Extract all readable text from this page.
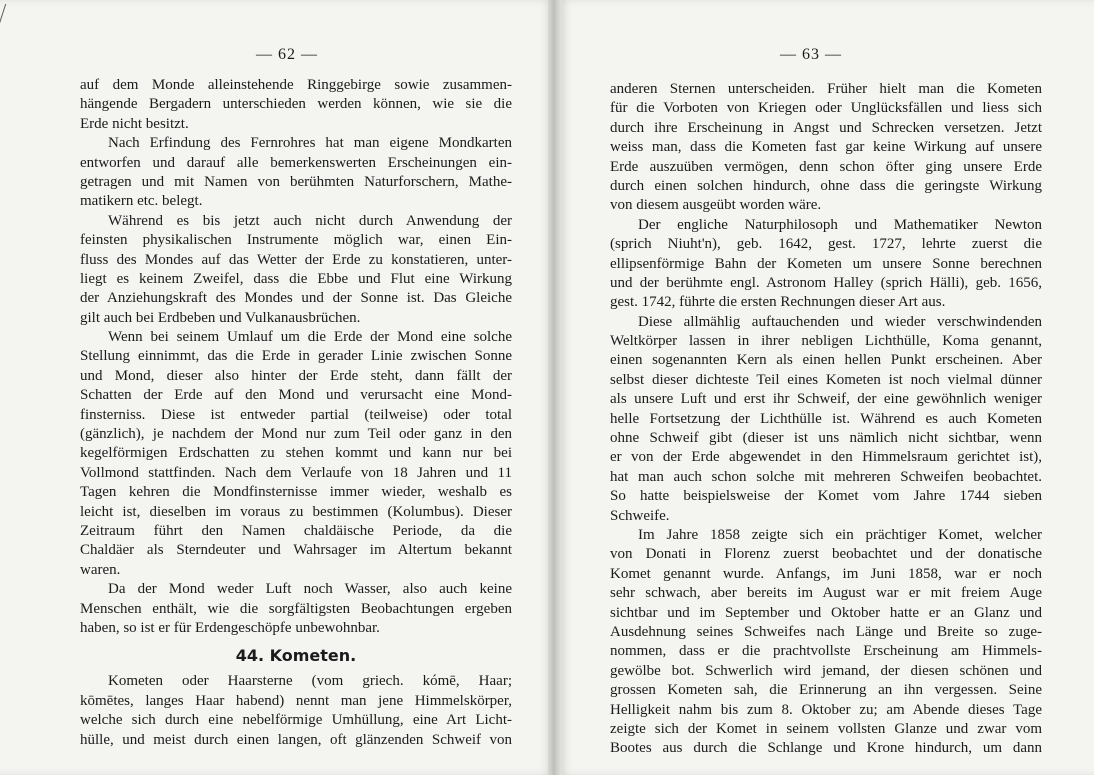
— 62 —
auf dem Monde alleinstehende Ringgebirge sowie zusammen-
hängende Bergadern unterschieden werden können, wie sie die
Erde nicht besitzt.
Nach Erfindung des Fernrohres hat man eigene Mondkarten
entworfen und darauf alle bemerkenswerten Erscheinungen ein-
getragen und mit Namen von berühmten Naturforschern, Mathe-
matikern etc. belegt.
Während es bis jetzt auch nicht durch Anwendung der
feinsten physikalischen Instrumente möglich war, einen Ein-
fluss des Mondes auf das Wetter der Erde zu konstatieren, unter-
liegt es keinem Zweifel, dass die Ebbe und Flut eine Wirkung
der Anziehungskraft des Mondes und der Sonne ist. Das Gleiche
gilt auch bei Erdbeben und Vulkanausbrüchen.
Wenn bei seinem Umlauf um die Erde der Mond eine solche
Stellung einnimmt, das die Erde in gerader Linie zwischen Sonne
und Mond, dieser also hinter der Erde steht, dann fällt der
Schatten der Erde auf den Mond und verursacht eine Mond-
finsterniss. Diese ist entweder partial (teilweise) oder total
(gänzlich), je nachdem der Mond nur zum Teil oder ganz in den
kegelförmigen Erdschatten zu stehen kommt und kann nur bei
Vollmond stattfinden. Nach dem Verlaufe von 18 Jahren und 11
Tagen kehren die Mondfinsternisse immer wieder, weshalb es
leicht ist, dieselben im voraus zu bestimmen (Kolumbus). Dieser
Zeitraum führt den Namen chaldäische Periode, da die
Chaldäer als Sterndeuter und Wahrsager im Altertum bekannt
waren.
Da der Mond weder Luft noch Wasser, also auch keine
Menschen enthält, wie die sorgfältigsten Beobachtungen ergeben
haben, so ist er für Erdengeschöpfe unbewohnbar.
44. Kometen.
Kometen oder Haarsterne (vom griech. kómē, Haar;
kōmētes, langes Haar habend) nennt man jene Himmelskörper,
welche sich durch eine nebelförmige Umhüllung, eine Art Licht-
hülle, und meist durch einen langen, oft glänzenden Schweif von
— 63 —
anderen Sternen unterscheiden. Früher hielt man die Kometen
für die Vorboten von Kriegen oder Unglücksfällen und liess sich
durch ihre Erscheinung in Angst und Schrecken versetzen. Jetzt
weiss man, dass die Kometen fast gar keine Wirkung auf unsere
Erde auszuüben vermögen, denn schon öfter ging unsere Erde
durch einen solchen hindurch, ohne dass die geringste Wirkung
von diesem ausgeübt worden wäre.
Der engliche Naturphilosoph und Mathematiker Newton
(sprich Niuht'n), geb. 1642, gest. 1727, lehrte zuerst die
ellipsenförmige Bahn der Kometen um unsere Sonne berechnen
und der berühmte engl. Astronom Halley (sprich Hälli), geb. 1656,
gest. 1742, führte die ersten Rechnungen dieser Art aus.
Diese allmählig auftauchenden und wieder verschwindenden
Weltkörper lassen in ihrer nebligen Lichthülle, Koma genannt,
einen sogenannten Kern als einen hellen Punkt erscheinen. Aber
selbst dieser dichteste Teil eines Kometen ist noch vielmal dünner
als unsere Luft und erst ihr Schweif, der eine gewöhnlich weniger
helle Fortsetzung der Lichthülle ist. Während es auch Kometen
ohne Schweif gibt (dieser ist uns nämlich nicht sichtbar, wenn
er von der Erde abgewendet in den Himmelsraum gerichtet ist),
hat man auch schon solche mit mehreren Schweifen beobachtet.
So hatte beispielsweise der Komet vom Jahre 1744 sieben
Schweife.
Im Jahre 1858 zeigte sich ein prächtiger Komet, welcher
von Donati in Florenz zuerst beobachtet und der donatische
Komet genannt wurde. Anfangs, im Juni 1858, war er noch
sehr schwach, aber bereits im August war er mit freiem Auge
sichtbar und im September und Oktober hatte er an Glanz und
Ausdehnung seines Schweifes nach Länge und Breite so zuge-
nommen, dass er die prachtvollste Erscheinung am Himmels-
gewölbe bot. Schwerlich wird jemand, der diesen schönen und
grossen Kometen sah, die Erinnerung an ihn vergessen. Seine
Helligkeit nahm bis zum 8. Oktober zu; am Abende dieses Tage
zeigte sich der Komet in seinem vollsten Glanze und zwar vom
Bootes aus durch die Schlange und Krone hindurch, um dann
